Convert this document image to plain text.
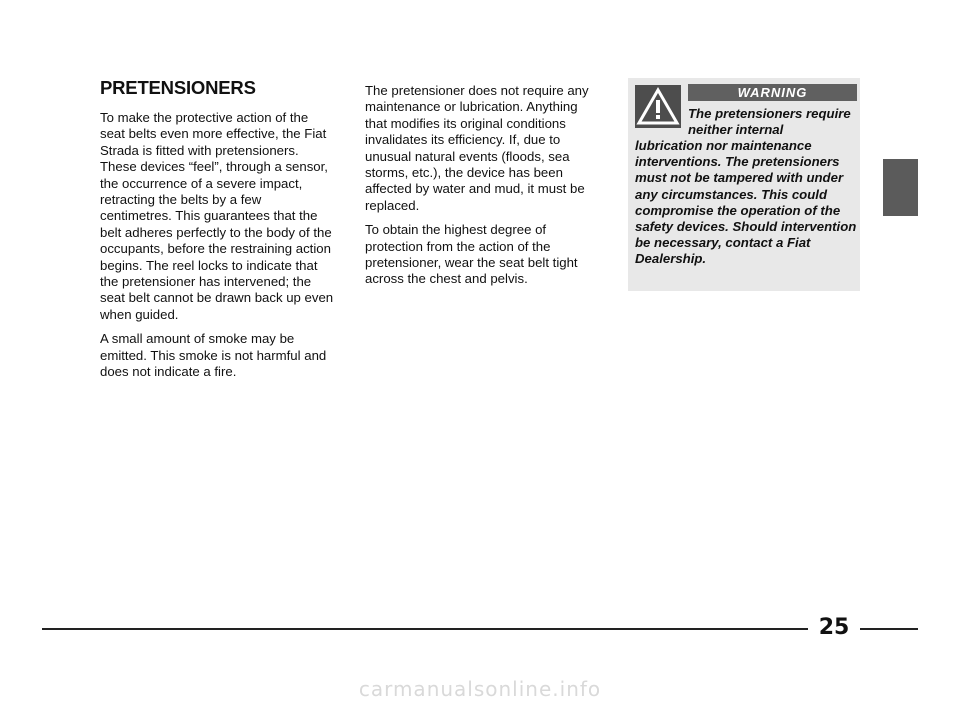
PRETENSIONERS

To make the protective action of the seat belts even more effective, the Fiat Strada is fitted with pretensioners. These devices “feel”, through a sensor, the occurrence of a severe impact, retracting the belts by a few centimetres. This guarantees that the belt adheres perfectly to the body of the occupants, before the restraining action begins. The reel locks to indicate that the pretensioner has intervened; the seat belt cannot be drawn back up even when guided.

A small amount of smoke may be emitted. This smoke is not harmful and does not indicate a fire.

The pretensioner does not require any maintenance or lubrication. Anything that modifies its original conditions invalidates its efficiency. If, due to unusual natural events (floods, sea storms, etc.), the device has been affected by water and mud, it must be replaced.

To obtain the highest degree of protection from the action of the pretensioner, wear the seat belt tight across the chest and pelvis.

WARNING
The pretensioners require neither internal
lubrication nor maintenance interventions. The pretensioners must not be tampered with under any circumstances. This could compromise the operation of the safety devices. Should intervention be necessary, contact a Fiat Dealership.
25
carmanualsonline.info
